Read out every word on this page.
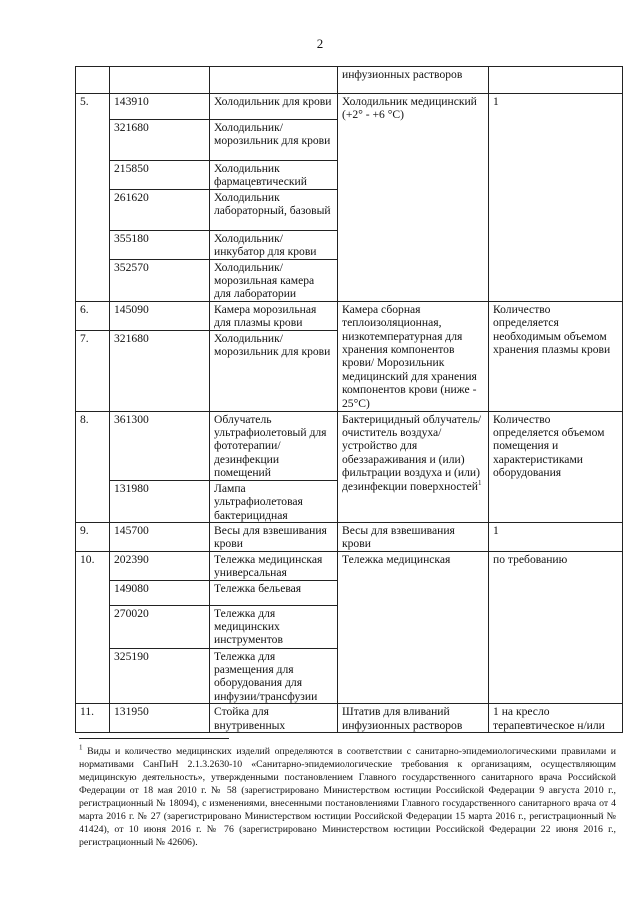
2
			инфузионных растворов	
5.	143910	Холодильник для крови	Холодильник медицинский (+2° - +6 °С)	1
	321680	Холодильник/ морозильник для крови		
	215850	Холодильник фармацевтический		
	261620	Холодильник лабораторный, базовый		
	355180	Холодильник/ инкубатор для крови		
	352570	Холодильник/ морозильная камера для лаборатории		
6.	145090	Камера морозильная для плазмы крови	Камера сборная теплоизоляционная, низкотемпературная для хранения компонентов крови/ Морозильник медицинский для хранения компонентов крови (ниже - 25°С)	Количество определяется необходимым объемом хранения плазмы крови
7.	321680	Холодильник/ морозильник для крови		
8.	361300	Облучатель ультрафиолетовый для фототерапии/ дезинфекции помещений	Бактерицидный облучатель/очиститель воздуха/устройство для обеззараживания и (или) фильтрации воздуха и (или) дезинфекции поверхностей$^1$	Количество определяется объемом помещения и характеристиками оборудования
	131980	Лампа ультрафиолетовая бактерицидная		
9.	145700	Весы для взвешивания крови	Весы для взвешивания крови	1
10.	202390	Тележка медицинская универсальная	Тележка медицинская	по требованию
	149080	Тележка бельевая		
	270020	Тележка для медицинских инструментов		
	325190	Тележка для размещения для оборудования для инфузии/трансфузии		
11.	131950	Стойка для внутривенных	Штатив для вливаний инфузионных растворов	1 на кресло терапевтическое н/или
$^1$ Виды и количество медицинских изделий определяются в соответствии с санитарно-эпидемиологическими правилами и нормативами СанПиН 2.1.3.2630-10 «Санитарно-эпидемиологические требования к организациям, осуществляющим медицинскую деятельность», утвержденными постановлением Главного государственного санитарного врача Российской Федерации от 18 мая 2010 г. № 58 (зарегистрировано Министерством юстиции Российской Федерации 9 августа 2010 г., регистрационный № 18094), с изменениями, внесенными постановлениями Главного государственного санитарного врача от 4 марта 2016 г. № 27 (зарегистрировано Министерством юстиции Российской Федерации 15 марта 2016 г., регистрационный № 41424), от 10 июня 2016 г. № 76 (зарегистрировано Министерством юстиции Российской Федерации 22 июня 2016 г., регистрационный № 42606).
